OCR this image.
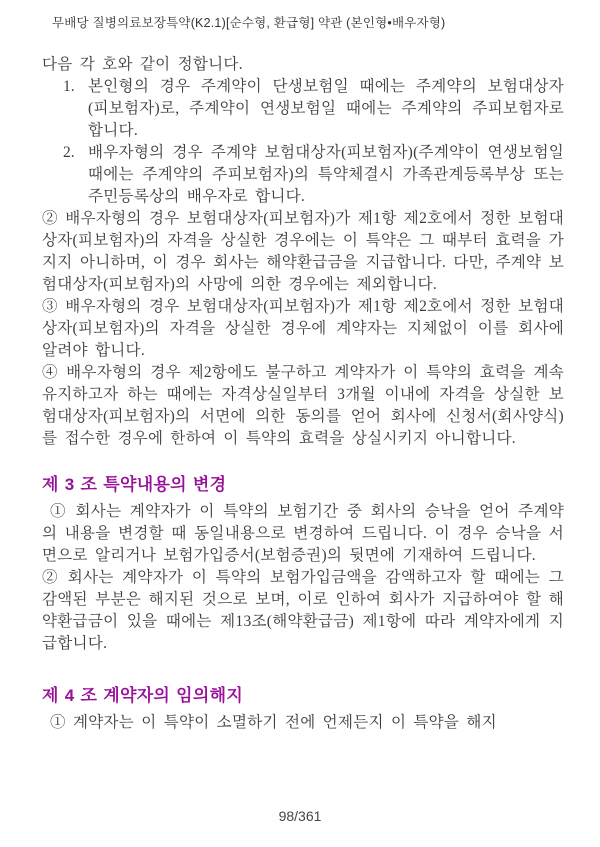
무배당 질병의료보장특약(K2.1)[순수형, 환급형] 약관 (본인형•배우자형)

다음 각 호와 같이 정합니다.

1. 본인형의 경우 주계약이 단생보험일 때에는 주계약의 보험대상자(피보험자)로, 주계약이 연생보험일 때에는 주계약의 주피보험자로 합니다.
2. 배우자형의 경우 주계약 보험대상자(피보험자)(주계약이 연생보험일 때에는 주계약의 주피보험자)의 특약체결시 가족관계등록부상 또는 주민등록상의 배우자로 합니다.

② 배우자형의 경우 보험대상자(피보험자)가 제1항 제2호에서 정한 보험대상자(피보험자)의 자격을 상실한 경우에는 이 특약은 그 때부터 효력을 가지지 아니하며, 이 경우 회사는 해약환급금을 지급합니다. 다만, 주계약 보험대상자(피보험자)의 사망에 의한 경우에는 제외합니다.

③ 배우자형의 경우 보험대상자(피보험자)가 제1항 제2호에서 정한 보험대상자(피보험자)의 자격을 상실한 경우에 계약자는 지체없이 이를 회사에 알려야 합니다.

④ 배우자형의 경우 제2항에도 불구하고 계약자가 이 특약의 효력을 계속 유지하고자 하는 때에는 자격상실일부터 3개월 이내에 자격을 상실한 보험대상자(피보험자)의 서면에 의한 동의를 얻어 회사에 신청서(회사양식)를 접수한 경우에 한하여 이 특약의 효력을 상실시키지 아니합니다.

제 3 조 특약내용의 변경

① 회사는 계약자가 이 특약의 보험기간 중 회사의 승낙을 얻어 주계약의 내용을 변경할 때 동일내용으로 변경하여 드립니다. 이 경우 승낙을 서면으로 알리거나 보험가입증서(보험증권)의 뒷면에 기재하여 드립니다.

② 회사는 계약자가 이 특약의 보험가입금액을 감액하고자 할 때에는 그 감액된 부분은 해지된 것으로 보며, 이로 인하여 회사가 지급하여야 할 해약환급금이 있을 때에는 제13조(해약환급금) 제1항에 따라 계약자에게 지급합니다.

제 4 조 계약자의 임의해지

① 계약자는 이 특약이 소멸하기 전에 언제든지 이 특약을 해지

98/361
